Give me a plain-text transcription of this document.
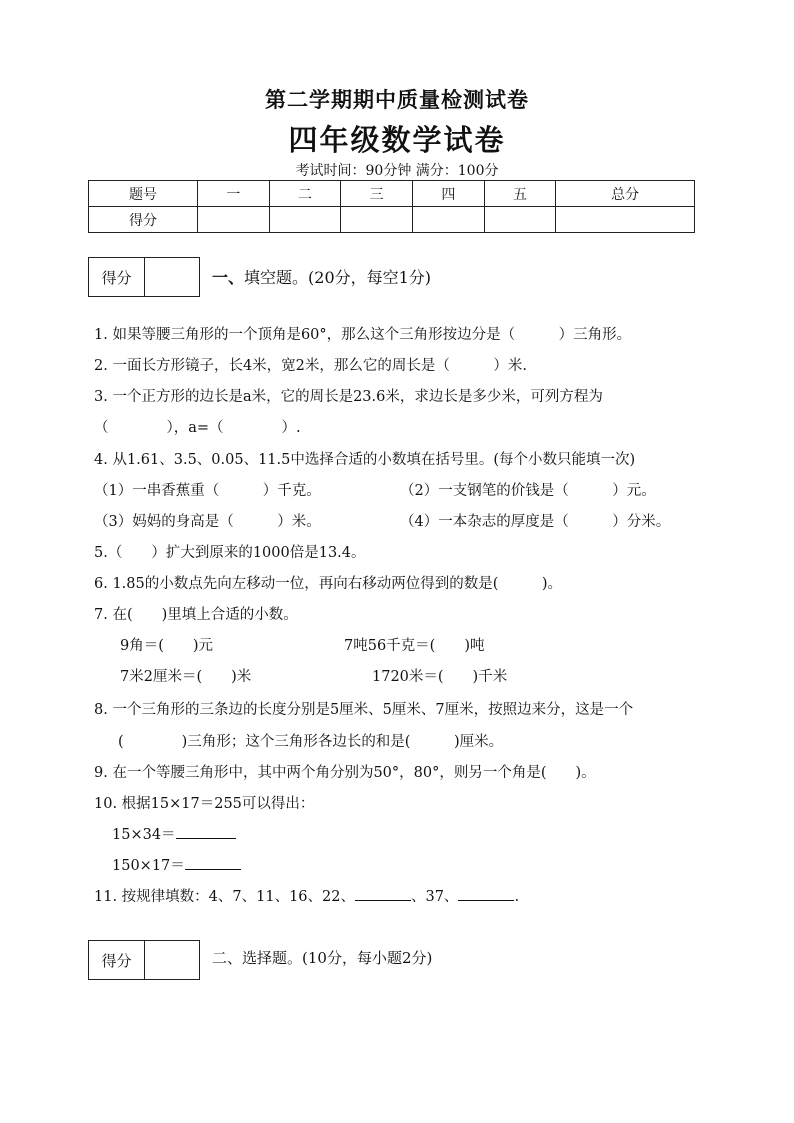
第二学期期中质量检测试卷
四年级数学试卷
考试时间：90分钟 满分：100分
题号	一	二	三	四	五	总分
得分						
得分	一、填空题。(20分，每空1分)
1. 如果等腰三角形的一个顶角是60°，那么这个三角形按边分是（　　　）三角形。
2. 一面长方形镜子，长4米，宽2米，那么它的周长是（　　　）米.
3. 一个正方形的边长是a米，它的周长是23.6米，求边长是多少米，可列方程为
（　　　　），a=（　　　　）.
4. 从1.61、3.5、0.05、11.5中选择合适的小数填在括号里。(每个小数只能填一次)
（1）一串香蕉重（　　　）千克。	（2）一支钢笔的价钱是（　　　）元。
（3）妈妈的身高是（　　　）米。	（4）一本杂志的厚度是（　　　）分米。
5.（　　）扩大到原来的1000倍是13.4。
6. 1.85的小数点先向左移动一位，再向右移动两位得到的数是(　　　)。
7. 在(　　)里填上合适的小数。
9角＝(　　)元	7吨56千克＝(　　)吨
7米2厘米＝(　　)米	1720米＝(　　)千米
8. 一个三角形的三条边的长度分别是5厘米、5厘米、7厘米，按照边来分，这是一个
(　　　　)三角形；这个三角形各边长的和是(　　　)厘米。
9. 在一个等腰三角形中，其中两个角分别为50°，80°，则另一个角是(　　)。
10. 根据15×17＝255可以得出：
15×34＝
150×17＝
11. 按规律填数：4、7、11、16、22、	、37、	.
得分	二、选择题。(10分，每小题2分)
